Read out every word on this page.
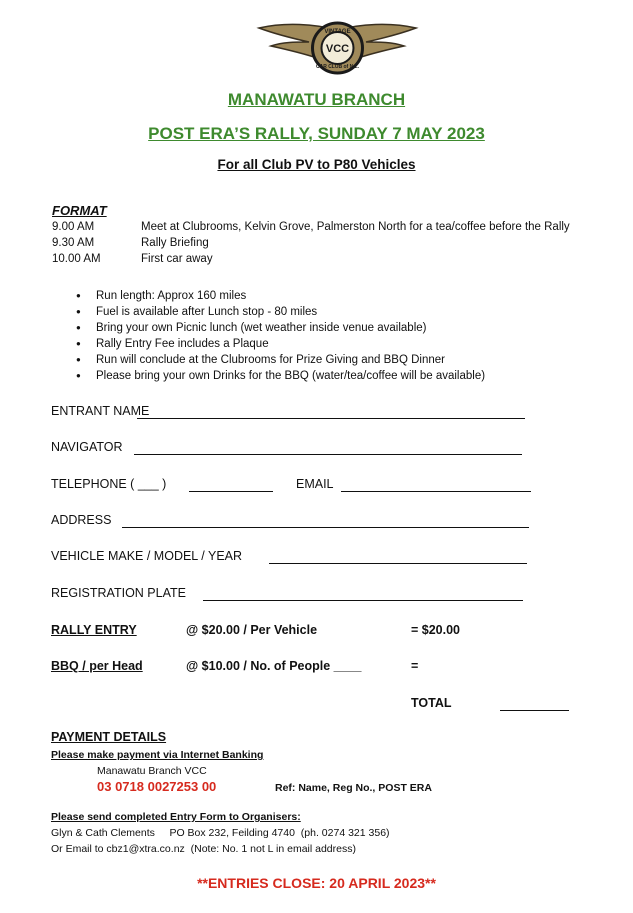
VINTAGE
VCC
CAR CLUB of N.Z.
MANAWATU BRANCH
POST ERA’S RALLY, SUNDAY 7 MAY 2023
For all Club PV to P80 Vehicles
FORMAT
9.00 AM	Meet at Clubrooms, Kelvin Grove, Palmerston North for a tea/coffee before the Rally
9.30 AM	Rally Briefing
10.00 AM	First car away
● Run length: Approx 160 miles
● Fuel is available after Lunch stop - 80 miles
● Bring your own Picnic lunch (wet weather inside venue available)
● Rally Entry Fee includes a Plaque
● Run will conclude at the Clubrooms for Prize Giving and BBQ Dinner
● Please bring your own Drinks for the BBQ (water/tea/coffee will be available)
ENTRANT NAME
NAVIGATOR
TELEPHONE ( ___ )	EMAIL
ADDRESS
VEHICLE MAKE / MODEL / YEAR
REGISTRATION PLATE
RALLY ENTRY	@ $20.00 / Per Vehicle	= $20.00
BBQ / per Head	@ $10.00 / No. of People ____	=
TOTAL
PAYMENT DETAILS
Please make payment via Internet Banking
Manawatu Branch VCC
03 0718 0027253 00	Ref: Name, Reg No., POST ERA
Please send completed Entry Form to Organisers:
Glyn & Cath Clements     PO Box 232, Feilding 4740  (ph. 0274 321 356)
Or Email to cbz1@xtra.co.nz  (Note: No. 1 not L in email address)
**ENTRIES CLOSE: 20 APRIL 2023**
